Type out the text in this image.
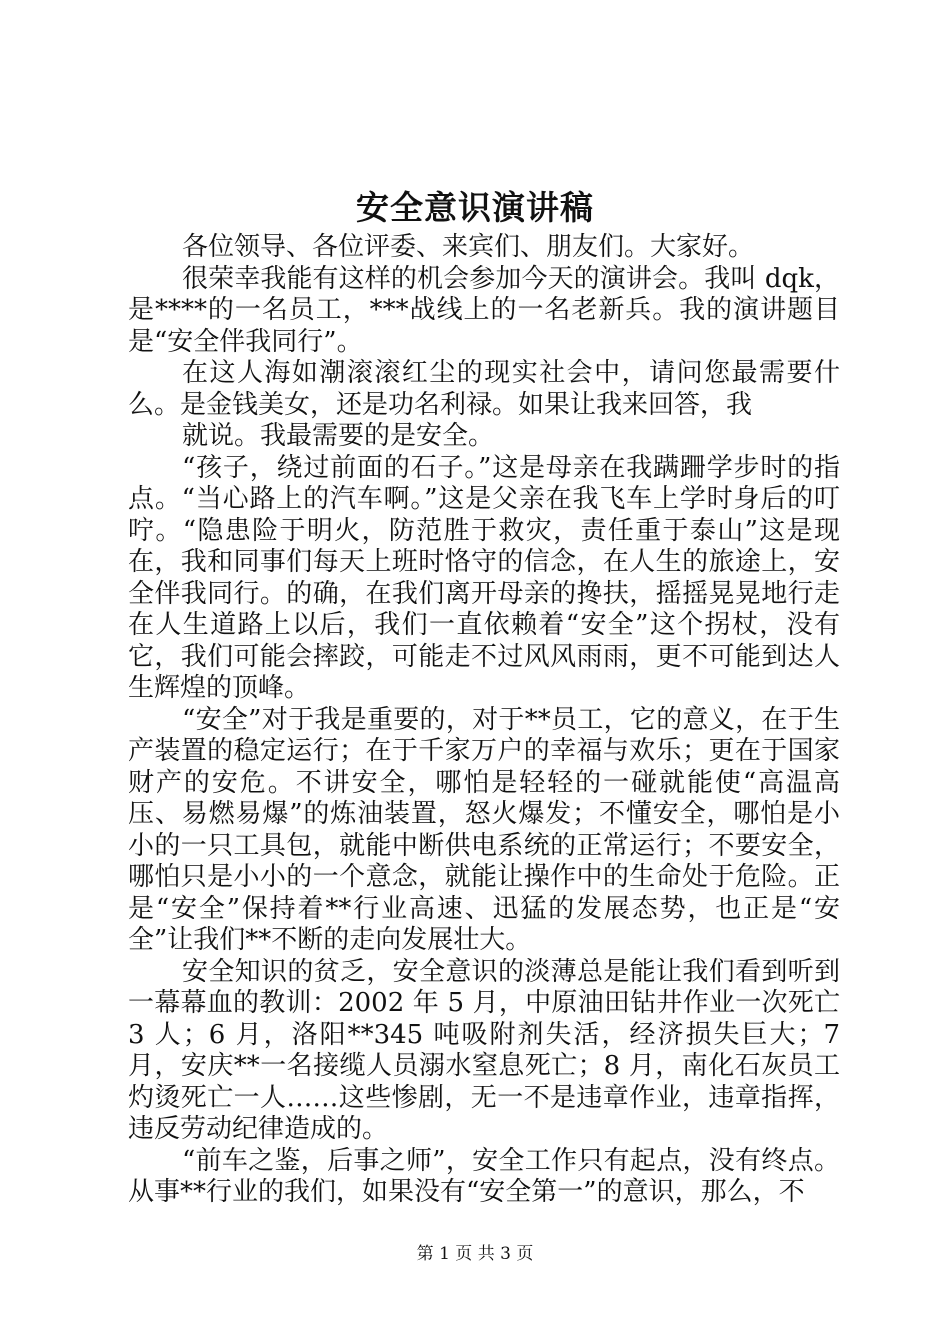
安全意识演讲稿

各位领导、各位评委、来宾们、朋友们。大家好。

很荣幸我能有这样的机会参加今天的演讲会。我叫 dqk，是****的一名员工，***战线上的一名老新兵。我的演讲题目是“安全伴我同行”。

在这人海如潮滚滚红尘的现实社会中，请问您最需要什么。是金钱美女，还是功名利禄。如果让我来回答，我

就说。我最需要的是安全。

“孩子，绕过前面的石子。”这是母亲在我蹒跚学步时的指点。“当心路上的汽车啊。”这是父亲在我飞车上学时身后的叮咛。“隐患险于明火，防范胜于救灾，责任重于泰山”这是现在，我和同事们每天上班时恪守的信念，在人生的旅途上，安全伴我同行。的确，在我们离开母亲的搀扶，摇摇晃晃地行走在人生道路上以后，我们一直依赖着“安全”这个拐杖，没有它，我们可能会摔跤，可能走不过风风雨雨，更不可能到达人生辉煌的顶峰。

“安全”对于我是重要的，对于**员工，它的意义，在于生产装置的稳定运行；在于千家万户的幸福与欢乐；更在于国家财产的安危。不讲安全，哪怕是轻轻的一碰就能使“高温高压、易燃易爆”的炼油装置，怒火爆发；不懂安全，哪怕是小小的一只工具包，就能中断供电系统的正常运行；不要安全，哪怕只是小小的一个意念，就能让操作中的生命处于危险。正是“安全”保持着**行业高速、迅猛的发展态势，也正是“安全”让我们**不断的走向发展壮大。

安全知识的贫乏，安全意识的淡薄总是能让我们看到听到一幕幕血的教训：2002 年 5 月，中原油田钻井作业一次死亡 3 人；6 月，洛阳**345 吨吸附剂失活，经济损失巨大；7 月，安庆**一名接缆人员溺水窒息死亡；8 月，南化石灰员工灼烫死亡一人……这些惨剧，无一不是违章作业，违章指挥，违反劳动纪律造成的。

“前车之鉴，后事之师”，安全工作只有起点，没有终点。从事**行业的我们，如果没有“安全第一”的意识，那么，不

第 1 页 共 3 页
